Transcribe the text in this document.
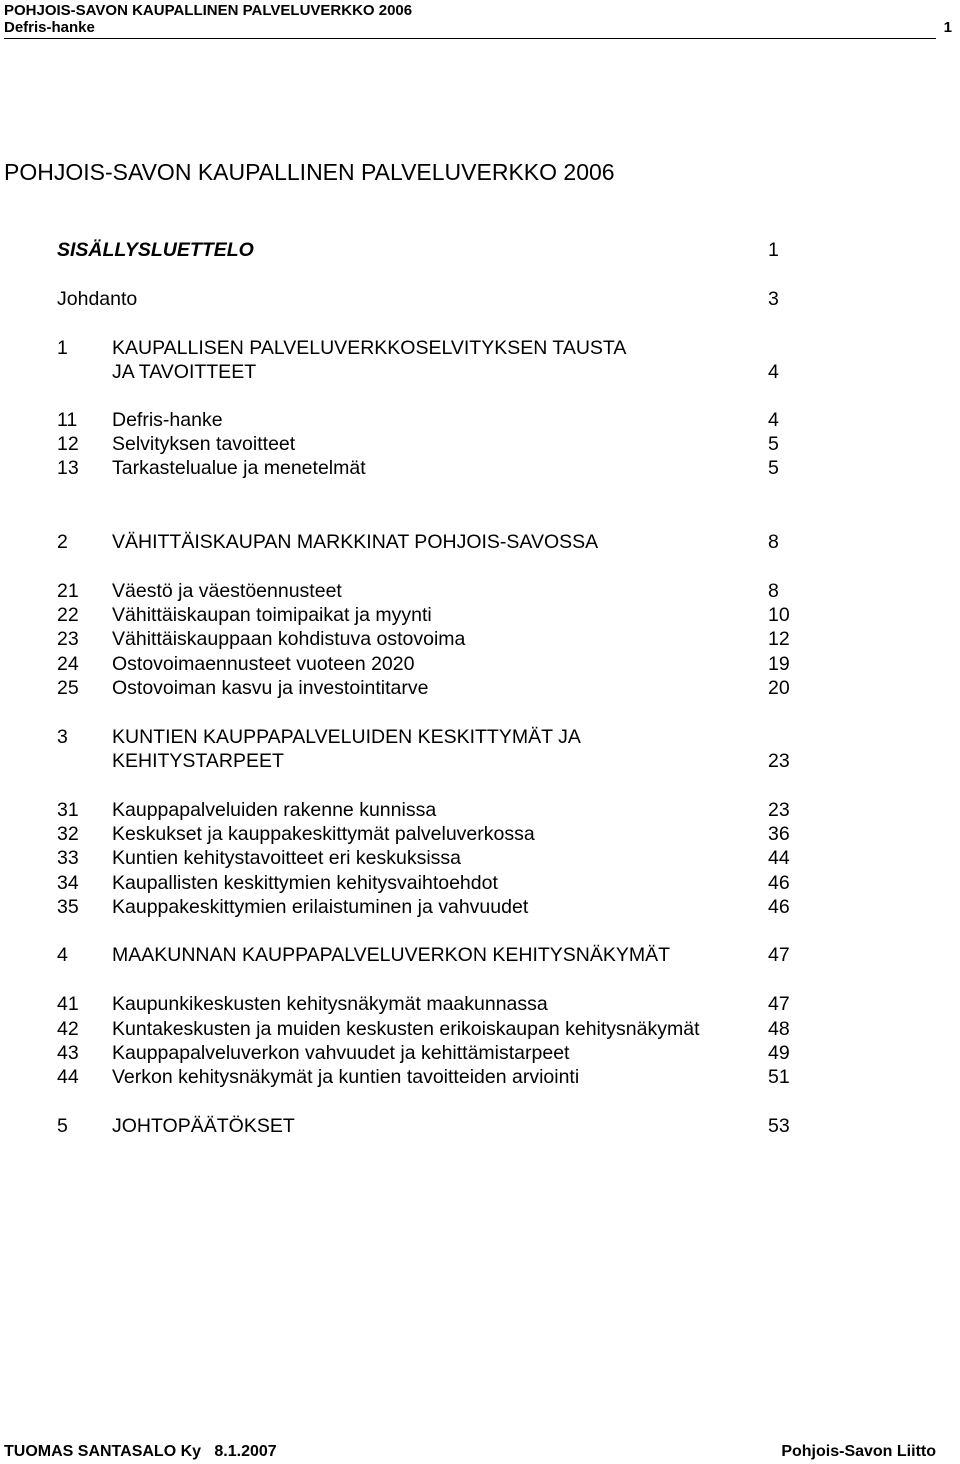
POHJOIS-SAVON KAUPALLINEN PALVELUVERKKO 2006
Defris-hanke	1
POHJOIS-SAVON KAUPALLINEN PALVELUVERKKO 2006
SISÄLLYSLUETTELO	1
Johdanto	3
1 KAUPALLISEN PALVELUVERKKOSELVITYKSEN TAUSTA
JA TAVOITTEET	4
11 Defris-hanke	4
12 Selvityksen tavoitteet	5
13 Tarkastelualue ja menetelmät	5
2 VÄHITTÄISKAUPAN MARKKINAT POHJOIS-SAVOSSA	8
21 Väestö ja väestöennusteet	8
22 Vähittäiskaupan toimipaikat ja myynti	10
23 Vähittäiskauppaan kohdistuva ostovoima	12
24 Ostovoimaennusteet vuoteen 2020	19
25 Ostovoiman kasvu ja investointitarve	20
3 KUNTIEN KAUPPAPALVELUIDEN KESKITTYMÄT JA
KEHITYSTARPEET	23
31 Kauppapalveluiden rakenne kunnissa	23
32 Keskukset ja kauppakeskittymät palveluverkossa	36
33 Kuntien kehitystavoitteet eri keskuksissa	44
34 Kaupallisten keskittymien kehitysvaihtoehdot	46
35 Kauppakeskittymien erilaistuminen ja vahvuudet	46
4 MAAKUNNAN KAUPPAPALVELUVERKON KEHITYSNÄKYMÄT	47
41 Kaupunkikeskusten kehitysnäkymät maakunnassa	47
42 Kuntakeskusten ja muiden keskusten erikoiskaupan kehitysnäkymät	48
43 Kauppapalveluverkon vahvuudet ja kehittämistarpeet	49
44 Verkon kehitysnäkymät ja kuntien tavoitteiden arviointi	51
5 JOHTOPÄÄTÖKSET	53
TUOMAS SANTASALO Ky   8.1.2007	Pohjois-Savon Liitto
